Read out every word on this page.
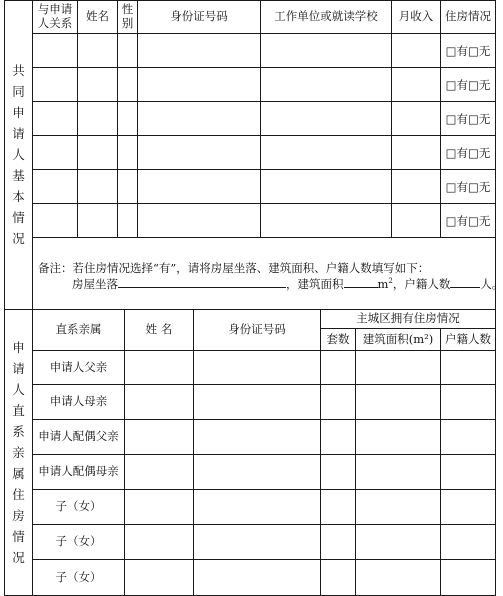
共同申请人基本情况
与申请人关系	姓名	性别	身份证号码	工作单位或就读学校	月收入	住房情况
□有□无
□有□无
□有□无
□有□无
□有□无
□有□无
备注：若住房情况选择“有”，请将房屋坐落、建筑面积、户籍人数填写如下：
房屋坐落	，建筑面积	$m^2$，户籍人数	人。
申请人直系亲属住房情况
直系亲属	姓 名	身份证号码
主城区拥有住房情况
套数	建筑面积(m²)	户籍人数
申请人父亲
申请人母亲
申请人配偶父亲
申请人配偶母亲
子（女）
子（女）
子（女）
